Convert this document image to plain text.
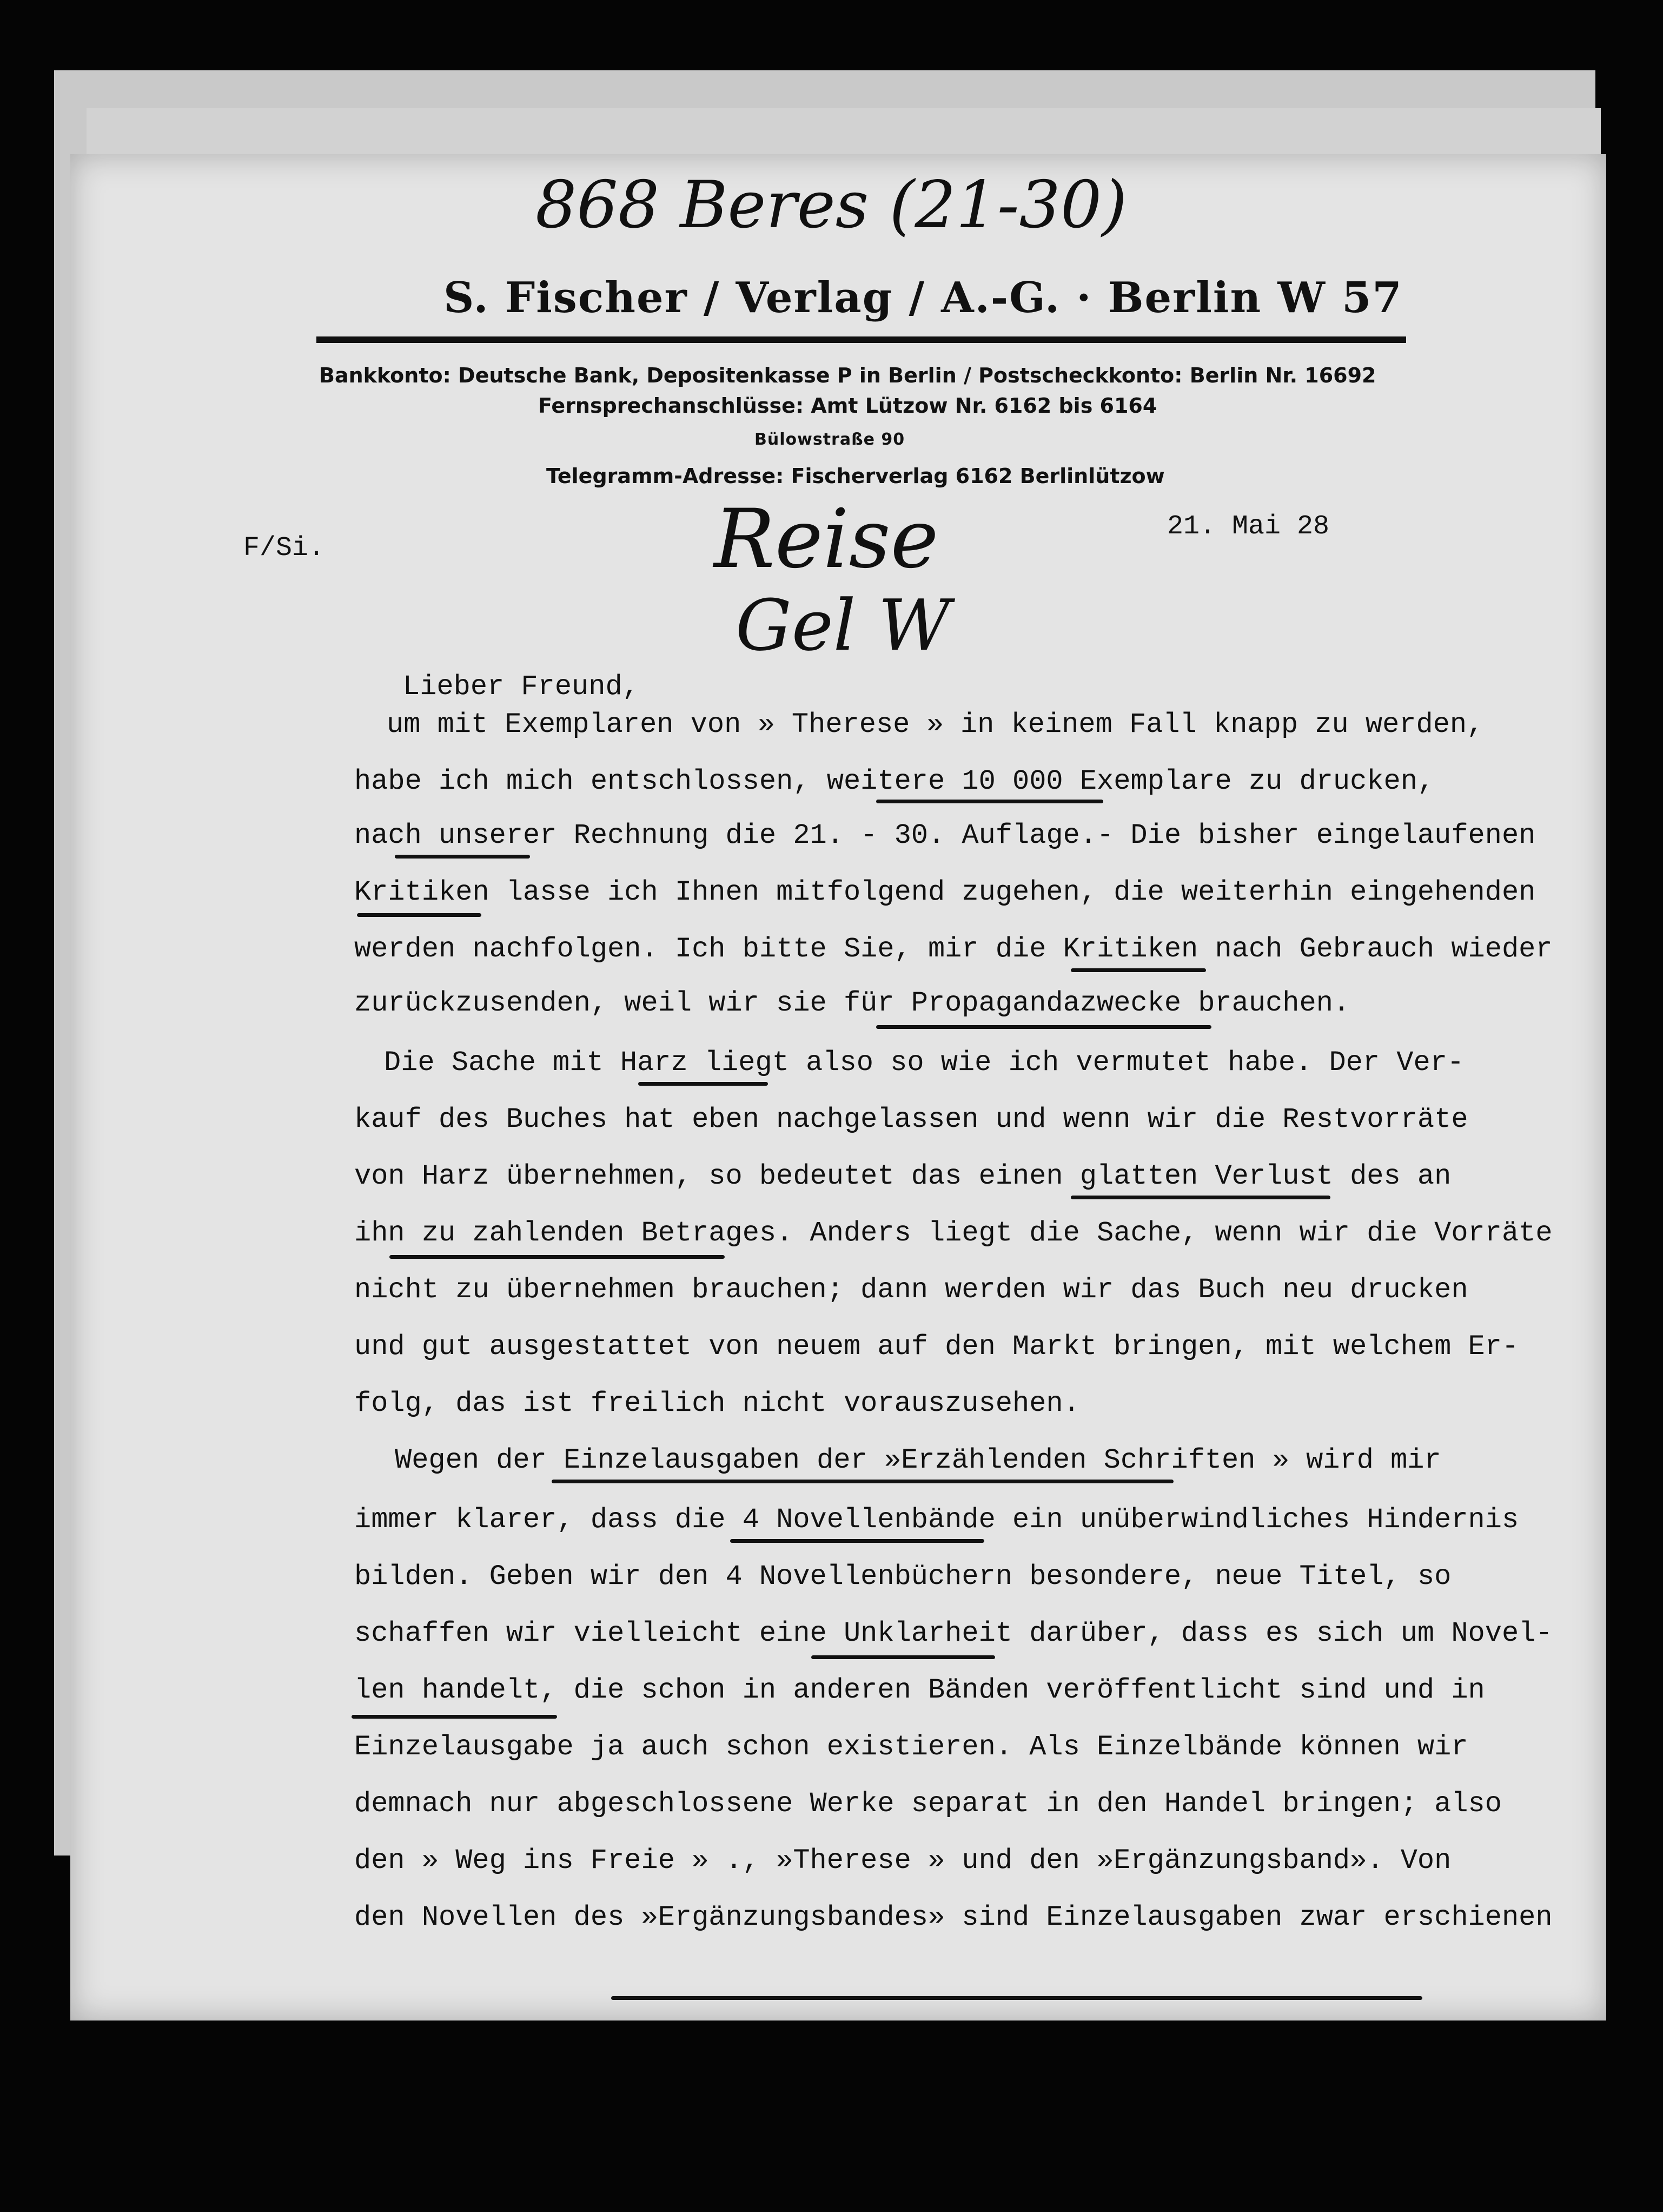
868 Beres (21-30)
Reise
Gel W
S. Fischer / Verlag / A.-G. · Berlin W 57
Bankkonto: Deutsche Bank, Depositenkasse P in Berlin / Postscheckkonto: Berlin Nr. 16692
Fernsprechanschlüsse: Amt Lützow Nr. 6162 bis 6164
Bülowstraße 90
Telegramm-Adresse: Fischerverlag 6162 Berlinlützow
F/Si.
21. Mai 28
Lieber Freund,
um mit Exemplaren von » Therese » in keinem Fall knapp zu werden,
habe ich mich entschlossen, weitere 10 000 Exemplare zu drucken,
nach unserer Rechnung die 21. - 30. Auflage.- Die bisher eingelaufenen
Kritiken lasse ich Ihnen mitfolgend zugehen, die weiterhin eingehenden
werden nachfolgen. Ich bitte Sie, mir die Kritiken nach Gebrauch wieder
zurückzusenden, weil wir sie für Propagandazwecke brauchen.
Die Sache mit Harz liegt also so wie ich vermutet habe. Der Ver-
kauf des Buches hat eben nachgelassen und wenn wir die Restvorräte
von Harz übernehmen, so bedeutet das einen glatten Verlust des an
ihn zu zahlenden Betrages. Anders liegt die Sache, wenn wir die Vorräte
nicht zu übernehmen brauchen; dann werden wir das Buch neu drucken
und gut ausgestattet von neuem auf den Markt bringen, mit welchem Er-
folg, das ist freilich nicht vorauszusehen.
Wegen der Einzelausgaben der »Erzählenden Schriften » wird mir
immer klarer, dass die 4 Novellenbände ein unüberwindliches Hindernis
bilden. Geben wir den 4 Novellenbüchern besondere, neue Titel, so
schaffen wir vielleicht eine Unklarheit darüber, dass es sich um Novel-
len handelt, die schon in anderen Bänden veröffentlicht sind und in
Einzelausgabe ja auch schon existieren. Als Einzelbände können wir
demnach nur abgeschlossene Werke separat in den Handel bringen; also
den » Weg ins Freie » ., »Therese » und den »Ergänzungsband». Von
den Novellen des »Ergänzungsbandes» sind Einzelausgaben zwar erschienen
